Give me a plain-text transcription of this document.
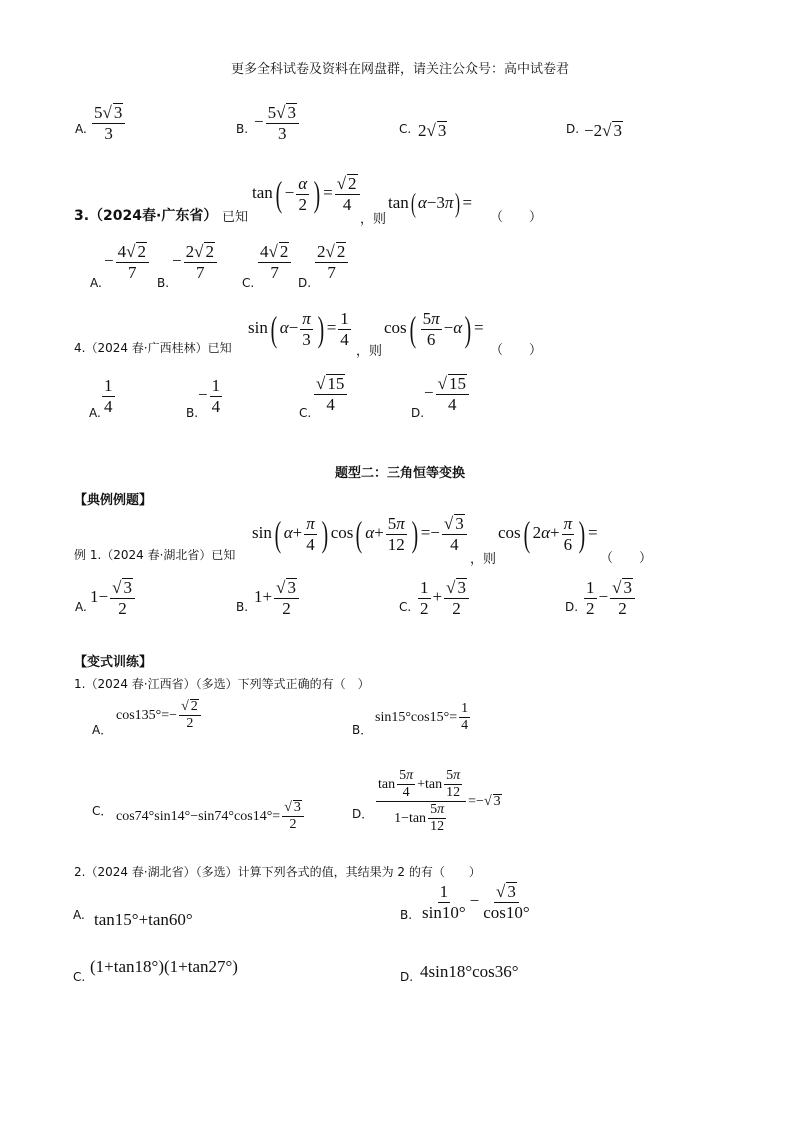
更多全科试卷及资料在网盘群，请关注公众号：高中试卷君
A. $\frac{5√ 3}{3}$	B. − $\frac{5√ 3}{3}$	C. 2√ 3	D. −2√ 3
3.（2024春·广东省） 已知
$\tan( - \frac{\alpha}{2}$ ) = $\frac{√ 2}{4}$
，则
tan( α−3π) =
（　　）
A.
− $\frac{4√ 2}{7}$
B.
− $\frac{2√ 2}{7}$
C.
$\frac{4√ 2}{7}$
D.
$\frac{2√ 2}{7}$
4.（2024 春·广西桂林）已知
sin( $\alpha- \frac{\pi}{3}$ ) = $\frac{1}{4}$
，则
$\cos( \frac{5\pi}{6} -\alpha)$ =
（　　）
A. $\frac{1}{4}$	B.
− $\frac{1}{4}$	C. $\frac{√ 15}{4}$	D.
− $\frac{√ 15}{4}$
题型二：三角恒等变换
【典例例题】
例 1.（2024 春·湖北省）已知
sin( $\alpha+ \frac{\pi}{4}$ ) cos( $\alpha+ \frac{5\pi}{12}$ ) =− $\frac{√ 3}{4}$
，则
cos( $2\alpha+ \frac{\pi}{6}$ ) =
（　　）
A.
$1- \frac{√ 3}{2}$	B.
$1+ \frac{√ 3}{2}$	C. $\frac{1}{2} + \frac{√ 3}{2}$	D. $\frac{1}{2} - \frac{√ 3}{2}$
【变式训练】
1.（2024 春·江西省）（多选）下列等式正确的有（　）
A．
$\cos 135^\circ=- \frac{√ 2}{2}$	B．
$\sin 15^\circ\cos 15^\circ= \frac{1}{4}$
C． $\cos 74^\circ\sin 14^\circ-\sin 74^\circ\cos 14^\circ= \frac{√ 3}{2}$	D． $\frac{\tan \frac{5\pi}{4} +\tan \frac{5\pi}{12}}{1-\tan \frac{5\pi}{12}}$ =−√ 3
2.（2024 春·湖北省）（多选）计算下列各式的值，其结果为 2 的有（　　）
A. tan15°+tan60°	B. $\frac{1}{\sin 10^\circ} - \frac{√ 3}{\cos 10^\circ}$
C.
(1+tan18°)(1+tan27°)
D. 4sin18°cos36°
